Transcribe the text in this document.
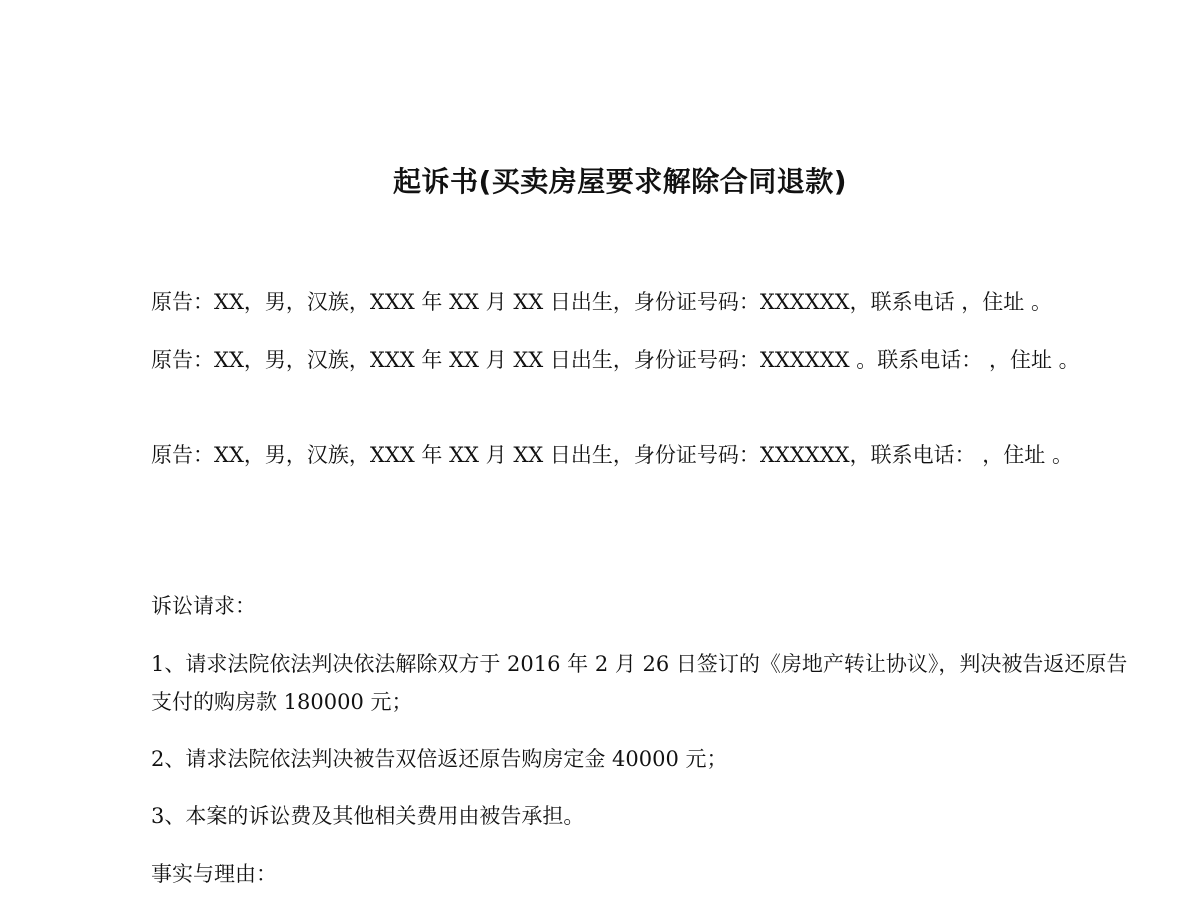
起诉书(买卖房屋要求解除合同退款)

原告：XX，男，汉族，XXX 年 XX 月 XX 日出生，身份证号码：XXXXXX，联系电话 ，住址 。

原告：XX，男，汉族，XXX 年 XX 月 XX 日出生，身份证号码：XXXXXX 。联系电话： ，住址 。

原告：XX，男，汉族，XXX 年 XX 月 XX 日出生，身份证号码：XXXXXX，联系电话： ，住址 。

诉讼请求：

1、请求法院依法判决依法解除双方于 2016 年 2 月 26 日签订的《房地产转让协议》，判决被告返还原告支付的购房款 180000 元；

2、请求法院依法判决被告双倍返还原告购房定金 40000 元；

3、本案的诉讼费及其他相关费用由被告承担。

事实与理由：
